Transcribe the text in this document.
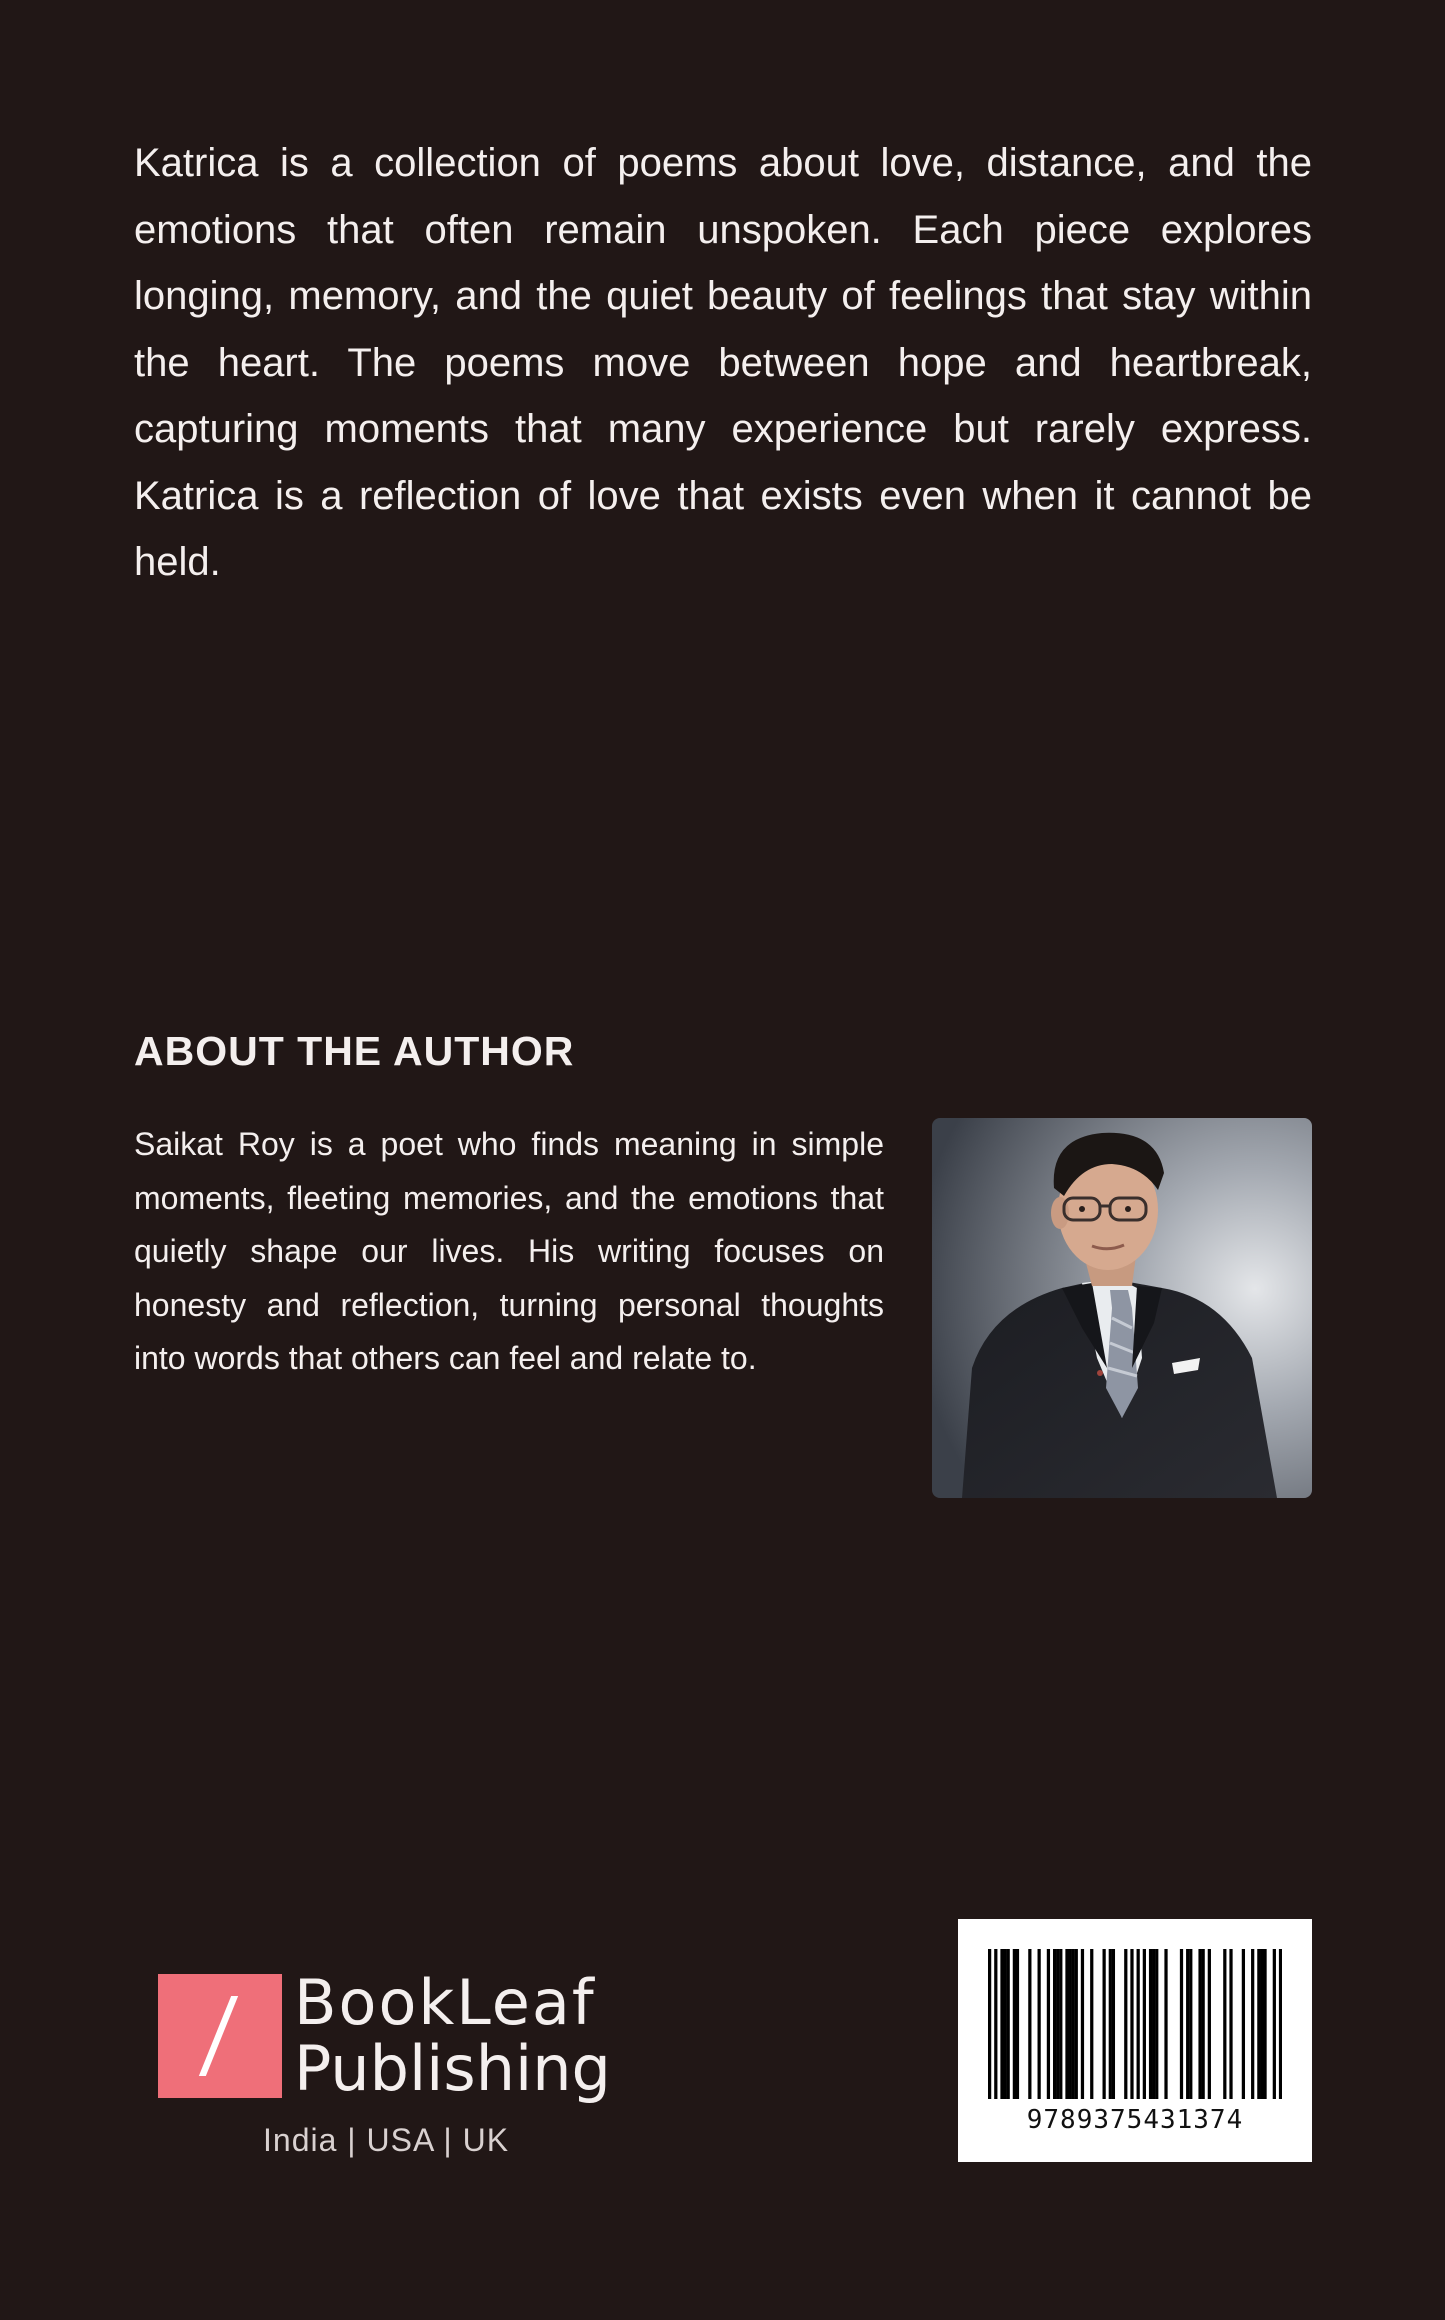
Katrica is a collection of poems about love, distance, and the emotions that often remain unspoken. Each piece explores longing, memory, and the quiet beauty of feelings that stay within the heart. The poems move between hope and heartbreak, capturing moments that many experience but rarely express. Katrica is a reflection of love that exists even when it cannot be held.

ABOUT THE AUTHOR

Saikat Roy is a poet who finds meaning in simple moments, fleeting memories, and the emotions that quietly shape our lives. His writing focuses on honesty and reflection, turning personal thoughts into words that others can feel and relate to.

BookLeaf
Publishing
India | USA | UK
9789375431374
